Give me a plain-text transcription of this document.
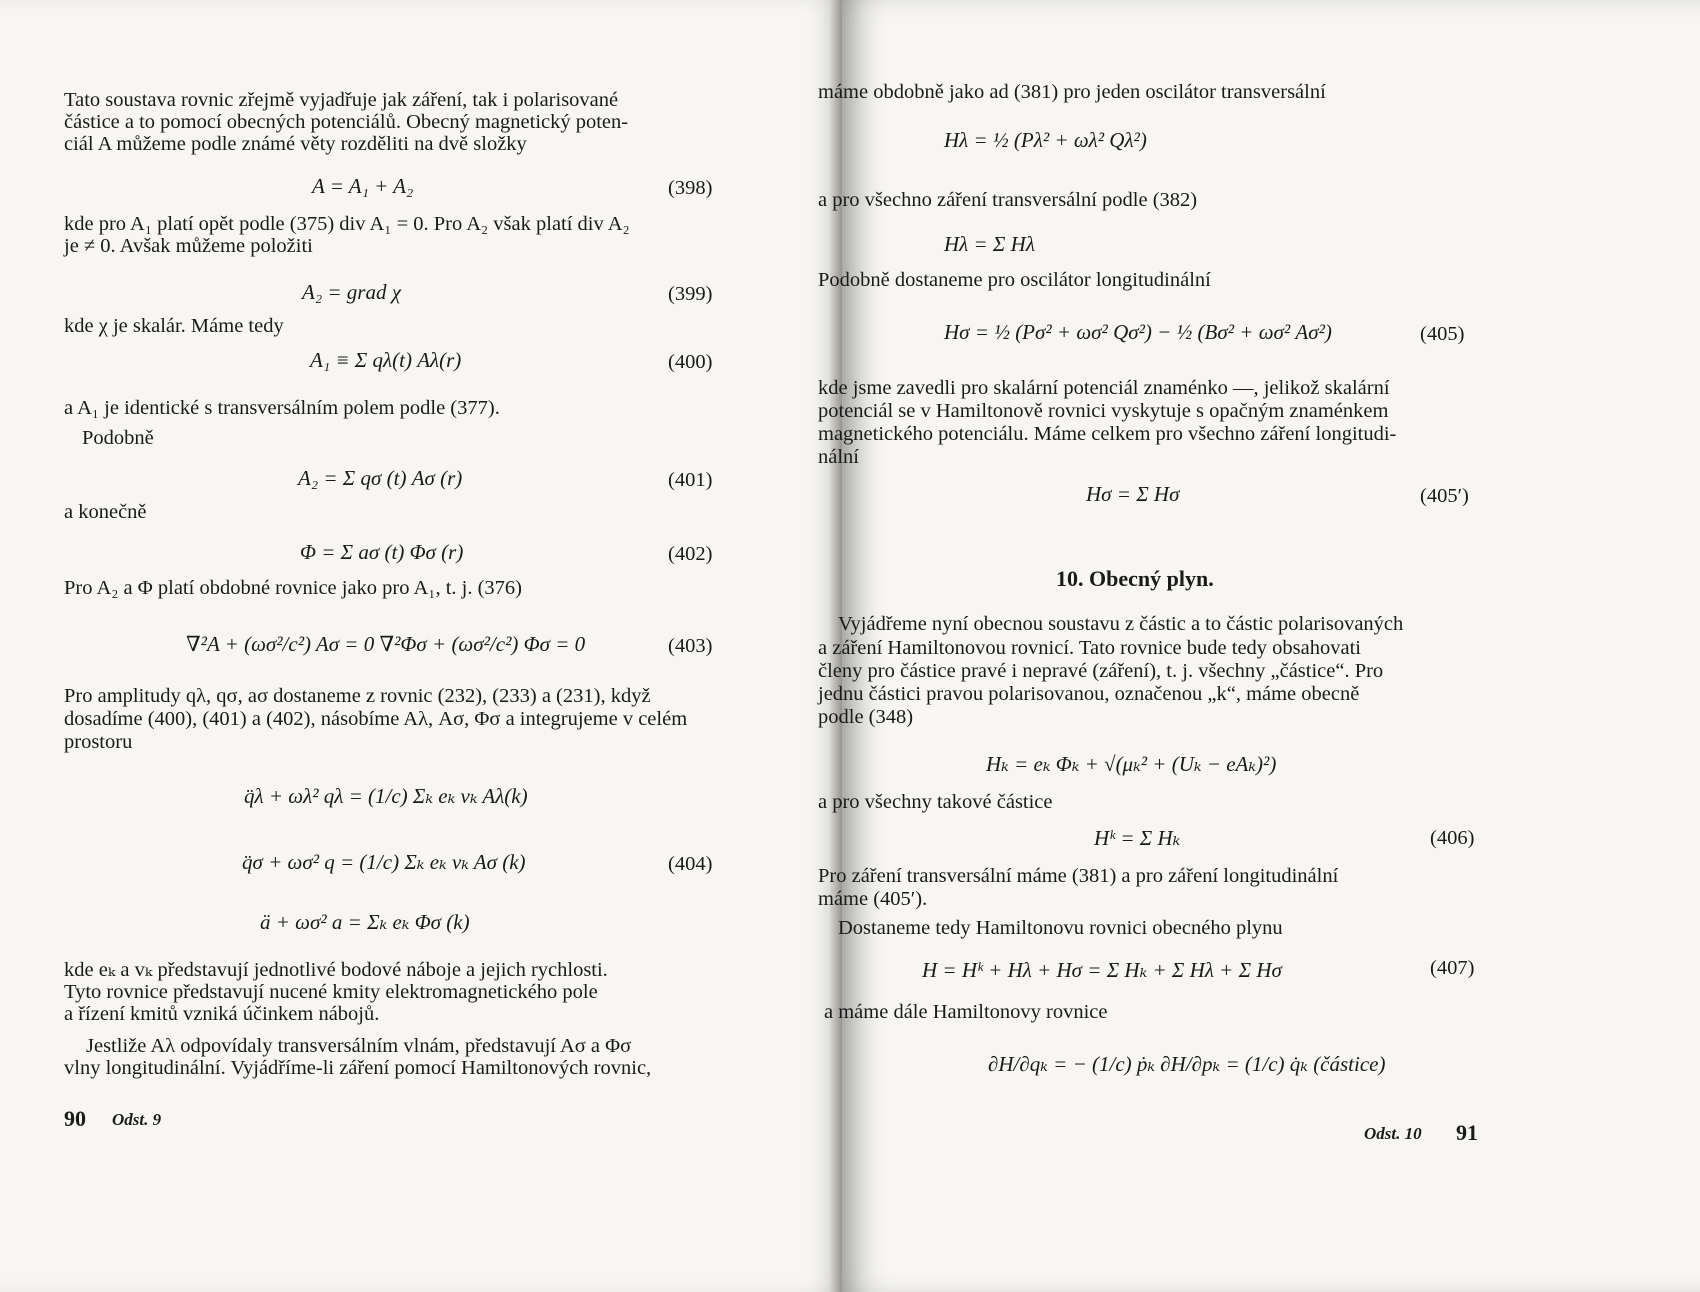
Tato soustava rovnic zřejmě vyjadřuje jak záření, tak i polarisované
částice a to pomocí obecných potenciálů. Obecný magnetický poten-
ciál A můžeme podle známé věty rozděliti na dvě složky
A = A₁ + A₂	(398)
kde pro A₁ platí opět podle (375) div A₁ = 0. Pro A₂ však platí div A₂
je ≠ 0. Avšak můžeme položiti
A₂ = grad χ	(399)
kde χ je skalár. Máme tedy
A₁ ≡ Σ qλ(t) Aλ(r)	(400)
a A₁ je identické s transversálním polem podle (377).
Podobně
A₂ = Σ qσ (t) Aσ (r)	(401)
a konečně
Φ = Σ aσ (t) Φσ (r)	(402)
Pro A₂ a Φ platí obdobné rovnice jako pro A₁, t. j. (376)
∇²A + (ωσ²/c²) Aσ = 0 ∇²Φσ + (ωσ²/c²) Φσ = 0	(403)
Pro amplitudy qλ, qσ, aσ dostaneme z rovnic (232), (233) a (231), když
dosadíme (400), (401) a (402), násobíme Aλ, Aσ, Φσ a integrujeme v celém
prostoru
q̈λ + ωλ² qλ = (1/c) Σₖ eₖ vₖ Aλ(k)
q̈σ + ωσ² q = (1/c) Σₖ eₖ vₖ Aσ (k)	(404)
ä + ωσ² a = Σₖ eₖ Φσ (k)
kde eₖ a vₖ představují jednotlivé bodové náboje a jejich rychlosti.
Tyto rovnice představují nucené kmity elektromagnetického pole
a řízení kmitů vzniká účinkem nábojů.
Jestliže Aλ odpovídaly transversálním vlnám, představují Aσ a Φσ
vlny longitudinální. Vyjádříme-li záření pomocí Hamiltonových rovnic,
90 Odst. 9
máme obdobně jako ad (381) pro jeden oscilátor transversální
Hλ = ½ (Pλ² + ωλ² Qλ²)
a pro všechno záření transversální podle (382)
Hλ = Σ Hλ
Podobně dostaneme pro oscilátor longitudinální
Hσ = ½ (Pσ² + ωσ² Qσ²) − ½ (Bσ² + ωσ² Aσ²)	(405)
kde jsme zavedli pro skalární potenciál znaménko —, jelikož skalární
potenciál se v Hamiltonově rovnici vyskytuje s opačným znaménkem
magnetického potenciálu. Máme celkem pro všechno záření longitudi-
nální
Hσ = Σ Hσ	(405′)
10. Obecný plyn.
Vyjádřeme nyní obecnou soustavu z částic a to částic polarisovaných
a záření Hamiltonovou rovnicí. Tato rovnice bude tedy obsahovati
členy pro částice pravé i nepravé (záření), t. j. všechny „částice“. Pro
jednu částici pravou polarisovanou, označenou „k“, máme obecně
podle (348)
Hₖ = eₖ Φₖ + √(μₖ² + (Uₖ − eAₖ)²)
a pro všechny takové částice
Hᵏ = Σ Hₖ	(406)
Pro záření transversální máme (381) a pro záření longitudinální
máme (405′).
Dostaneme tedy Hamiltonovu rovnici obecného plynu
H = Hᵏ + Hλ + Hσ = Σ Hₖ + Σ Hλ + Σ Hσ	(407)
a máme dále Hamiltonovy rovnice
∂H/∂qₖ = − (1/c) ṗₖ ∂H/∂pₖ = (1/c) q̇ₖ (částice)
Odst. 10 91
